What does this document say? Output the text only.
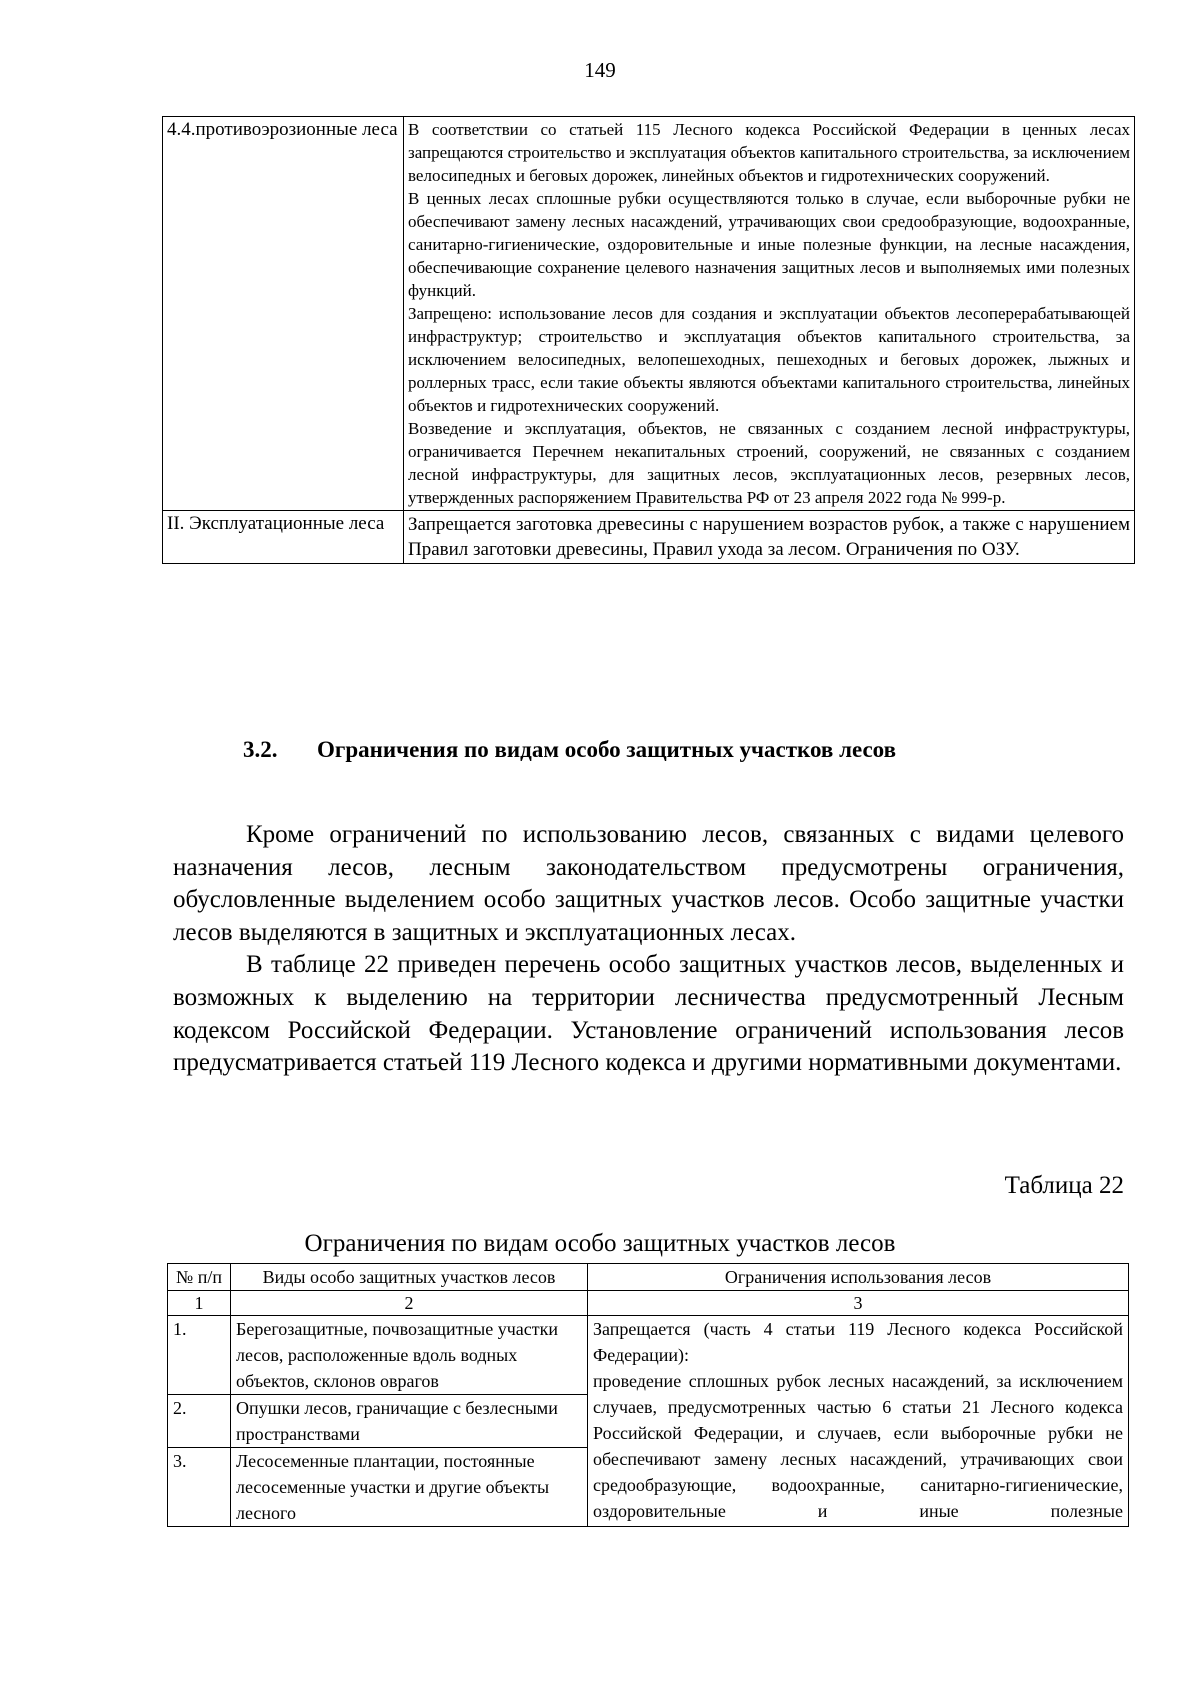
149
4.4.противоэрозионные леса	В соответствии со статьей 115 Лесного кодекса Российской Федерации в ценных лесах запрещаются строительство и эксплуатация объектов капитального строительства, за исключением велосипедных и беговых дорожек, линейных объектов и гидротехнических сооружений.

В ценных лесах сплошные рубки осуществляются только в случае, если выборочные рубки не обеспечивают замену лесных насаждений, утрачивающих свои средообразующие, водоохранные, санитарно-гигиенические, оздоровительные и иные полезные функции, на лесные насаждения, обеспечивающие сохранение целевого назначения защитных лесов и выполняемых ими полезных функций.

Запрещено: использование лесов для создания и эксплуатации объектов лесоперерабатывающей инфраструктур; строительство и эксплуатация объектов капитального строительства, за исключением велосипедных, велопешеходных, пешеходных и беговых дорожек, лыжных и роллерных трасс, если такие объекты являются объектами капитального строительства, линейных объектов и гидротехнических сооружений.

Возведение и эксплуатация, объектов, не связанных с созданием лесной инфраструктуры, ограничивается Перечнем некапитальных строений, сооружений, не связанных с созданием лесной инфраструктуры, для защитных лесов, эксплуатационных лесов, резервных лесов, утвержденных распоряжением Правительства РФ от 23 апреля 2022 года № 999-р.

II. Эксплуатационные леса	Запрещается заготовка древесины с нарушением возрастов рубок, а также с нарушением Правил заготовки древесины, Правил ухода за лесом. Ограничения по ОЗУ.

3.2. Ограничения по видам особо защитных участков лесов

Кроме ограничений по использованию лесов, связанных с видами целевого назначения лесов, лесным законодательством предусмотрены ограничения, обусловленные выделением особо защитных участков лесов. Особо защитные участки лесов выделяются в защитных и эксплуатационных лесах.

В таблице 22 приведен перечень особо защитных участков лесов, выделенных и возможных к выделению на территории лесничества предусмотренный Лесным кодексом Российской Федерации. Установление ограничений использования лесов предусматривается статьей 119 Лесного кодекса и другими нормативными документами.

Таблица 22
Ограничения по видам особо защитных участков лесов
№ п/п	Виды особо защитных участков лесов	Ограничения использования лесов
1	2	3
1.	Берегозащитные, почвозащитные участки лесов, расположенные вдоль водных объектов, склонов оврагов	Запрещается (часть 4 статьи 119 Лесного кодекса Российской Федерации):

проведение сплошных рубок лесных насаждений, за исключением случаев, предусмотренных частью 6 статьи 21 Лесного кодекса Российской Федерации, и случаев, если выборочные рубки не обеспечивают замену лесных насаждений, утрачивающих свои средообразующие, водоохранные, санитарно-гигиенические, оздоровительные и иные полезные

2.	Опушки лесов, граничащие с безлесными пространствами	
3.	Лесосеменные плантации, постоянные лесосеменные участки и другие объекты лесного	
